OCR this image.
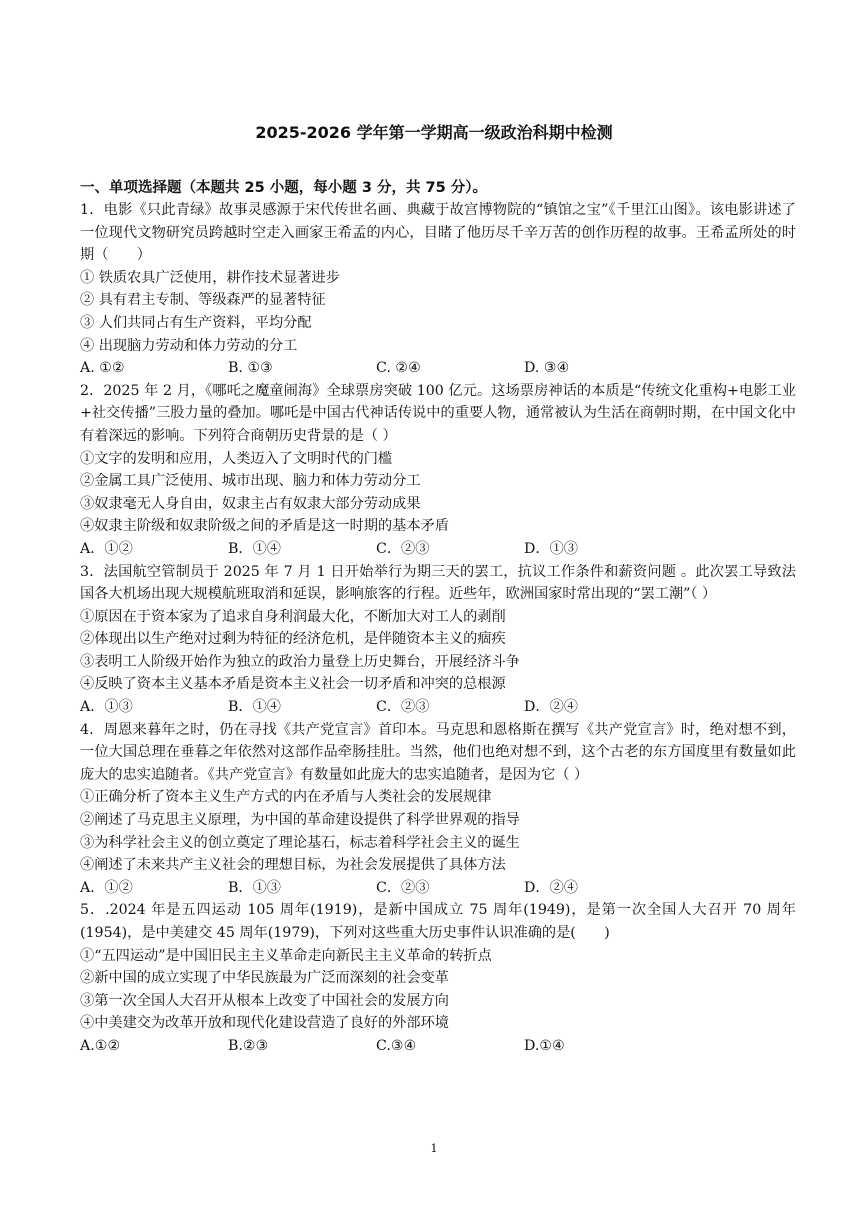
2025-2026 学年第一学期高一级政治科期中检测

一、单项选择题（本题共 25 小题，每小题 3 分，共 75 分）。

1．电影《只此青绿》故事灵感源于宋代传世名画、典藏于故宫博物院的“镇馆之宝”《千里江山图》。该电影讲述了一位现代文物研究员跨越时空走入画家王希孟的内心，目睹了他历尽千辛万苦的创作历程的故事。王希孟所处的时期（　　）

① 铁质农具广泛使用，耕作技术显著进步

② 具有君主专制、等级森严的显著特征

③ 人们共同占有生产资料，平均分配

④ 出现脑力劳动和体力劳动的分工

A. ①②	B. ①③	C. ②④	D. ③④

2．2025 年 2 月，《哪吒之魔童闹海》全球票房突破 100 亿元。这场票房神话的本质是“传统文化重构+电影工业+社交传播”三股力量的叠加。哪吒是中国古代神话传说中的重要人物，通常被认为生活在商朝时期，在中国文化中有着深远的影响。下列符合商朝历史背景的是（ ）

①文字的发明和应用，人类迈入了文明时代的门槛

②金属工具广泛使用、城市出现、脑力和体力劳动分工

③奴隶毫无人身自由，奴隶主占有奴隶大部分劳动成果

④奴隶主阶级和奴隶阶级之间的矛盾是这一时期的基本矛盾

A．①②	B．①④	C．②③	D．①③

3．法国航空管制员于 2025 年 7 月 1 日开始举行为期三天的罢工，抗议工作条件和薪资问题 。此次罢工导致法国各大机场出现大规模航班取消和延误，影响旅客的行程。近些年，欧洲国家时常出现的“罢工潮”（ ）

①原因在于资本家为了追求自身利润最大化，不断加大对工人的剥削

②体现出以生产绝对过剩为特征的经济危机，是伴随资本主义的痼疾

③表明工人阶级开始作为独立的政治力量登上历史舞台，开展经济斗争

④反映了资本主义基本矛盾是资本主义社会一切矛盾和冲突的总根源

A．①③	B．①④	C．②③	D．②④

4．周恩来暮年之时，仍在寻找《共产党宣言》首印本。马克思和恩格斯在撰写《共产党宣言》时，绝对想不到，一位大国总理在垂暮之年依然对这部作品牵肠挂肚。当然，他们也绝对想不到，这个古老的东方国度里有数量如此庞大的忠实追随者。《共产党宣言》有数量如此庞大的忠实追随者，是因为它（ ）

①正确分析了资本主义生产方式的内在矛盾与人类社会的发展规律

②阐述了马克思主义原理，为中国的革命建设提供了科学世界观的指导

③为科学社会主义的创立奠定了理论基石，标志着科学社会主义的诞生

④阐述了未来共产主义社会的理想目标，为社会发展提供了具体方法

A．①②	B．①③	C．②③	D．②④

5．.2024 年是五四运动 105 周年(1919)，是新中国成立 75 周年(1949)，是第一次全国人大召开 70 周年(1954)，是中美建交 45 周年(1979)，下列对这些重大历史事件认识准确的是(　　)

①“五四运动”是中国旧民主主义革命走向新民主主义革命的转折点

②新中国的成立实现了中华民族最为广泛而深刻的社会变革

③第一次全国人大召开从根本上改变了中国社会的发展方向

④中美建交为改革开放和现代化建设营造了良好的外部环境

A.①②	B.②③	C.③④	D.①④
1
